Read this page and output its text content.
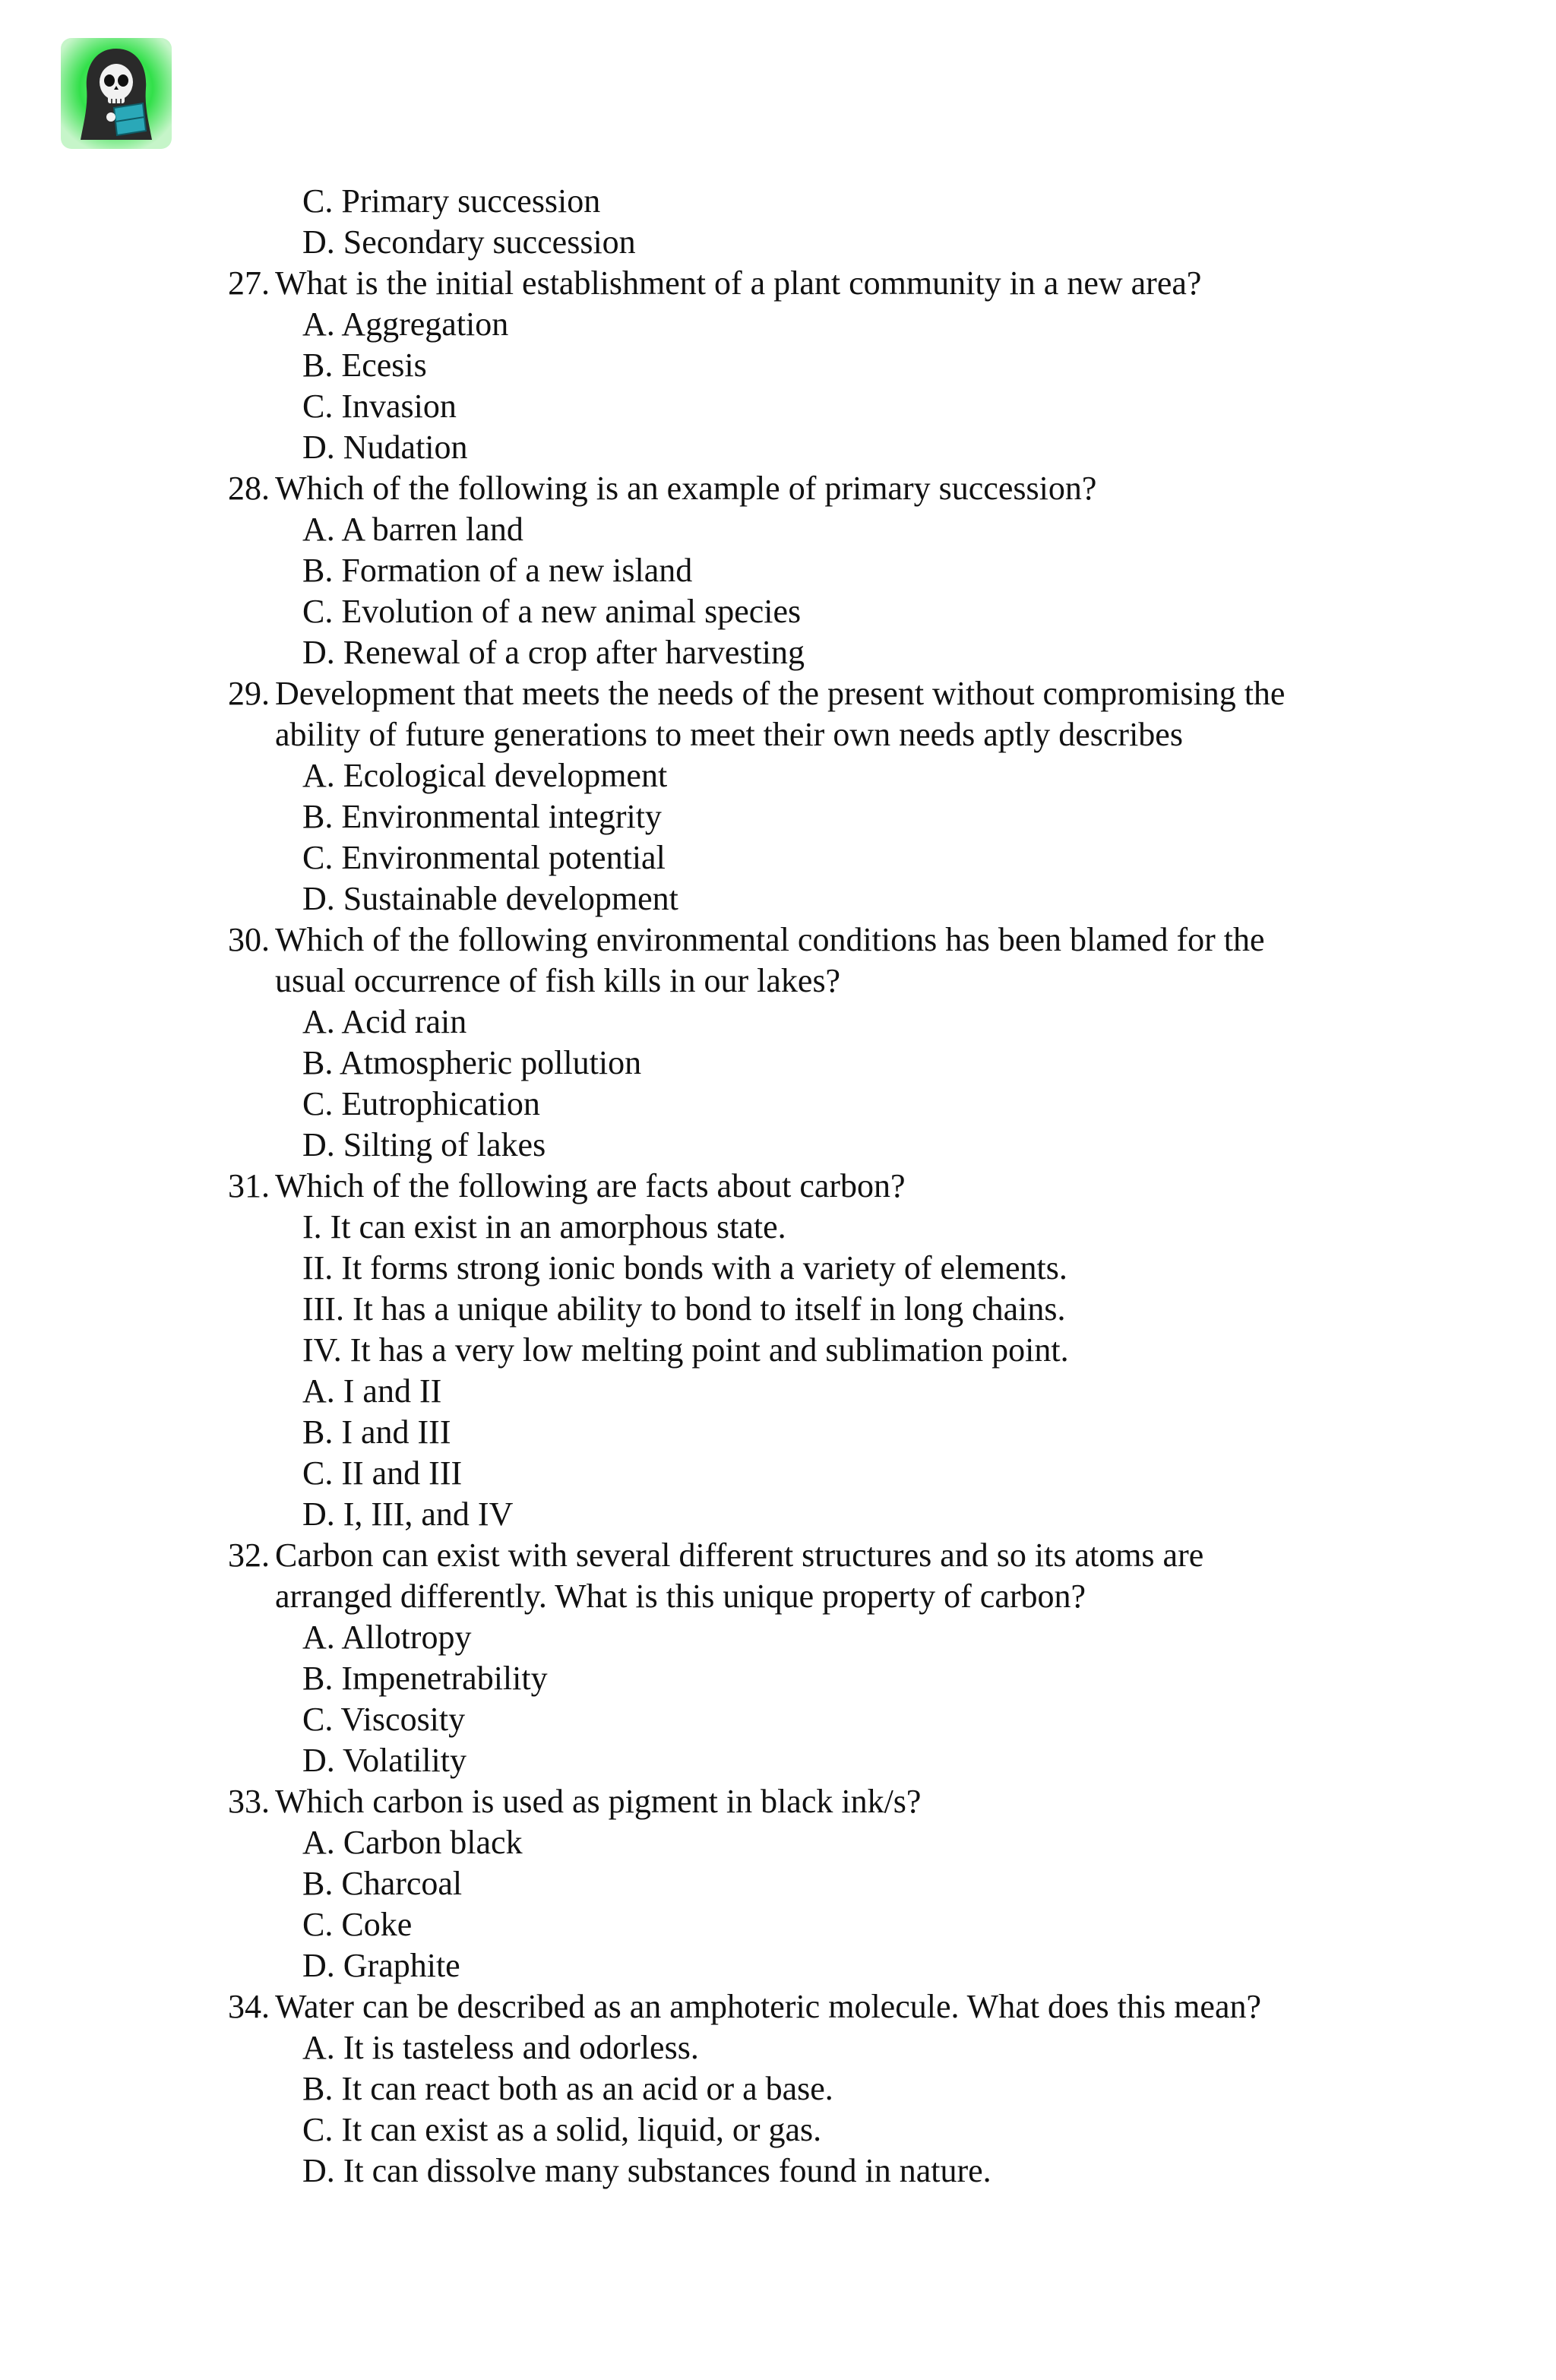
C. Primary succession
D. Secondary succession
27. What is the initial establishment of a plant community in a new area?
A. Aggregation
B. Ecesis
C. Invasion
D. Nudation
28. Which of the following is an example of primary succession?
A. A barren land
B. Formation of a new island
C. Evolution of a new animal species
D. Renewal of a crop after harvesting
29. Development that meets the needs of the present without compromising the
ability of future generations to meet their own needs aptly describes
A. Ecological development
B. Environmental integrity
C. Environmental potential
D. Sustainable development
30. Which of the following environmental conditions has been blamed for the
usual occurrence of fish kills in our lakes?
A. Acid rain
B. Atmospheric pollution
C. Eutrophication
D. Silting of lakes
31. Which of the following are facts about carbon?
I. It can exist in an amorphous state.
II. It forms strong ionic bonds with a variety of elements.
III. It has a unique ability to bond to itself in long chains.
IV. It has a very low melting point and sublimation point.
A. I and II
B. I and III
C. II and III
D. I, III, and IV
32. Carbon can exist with several different structures and so its atoms are
arranged differently. What is this unique property of carbon?
A. Allotropy
B. Impenetrability
C. Viscosity
D. Volatility
33. Which carbon is used as pigment in black ink/s?
A. Carbon black
B. Charcoal
C. Coke
D. Graphite
34. Water can be described as an amphoteric molecule. What does this mean?
A. It is tasteless and odorless.
B. It can react both as an acid or a base.
C. It can exist as a solid, liquid, or gas.
D. It can dissolve many substances found in nature.
